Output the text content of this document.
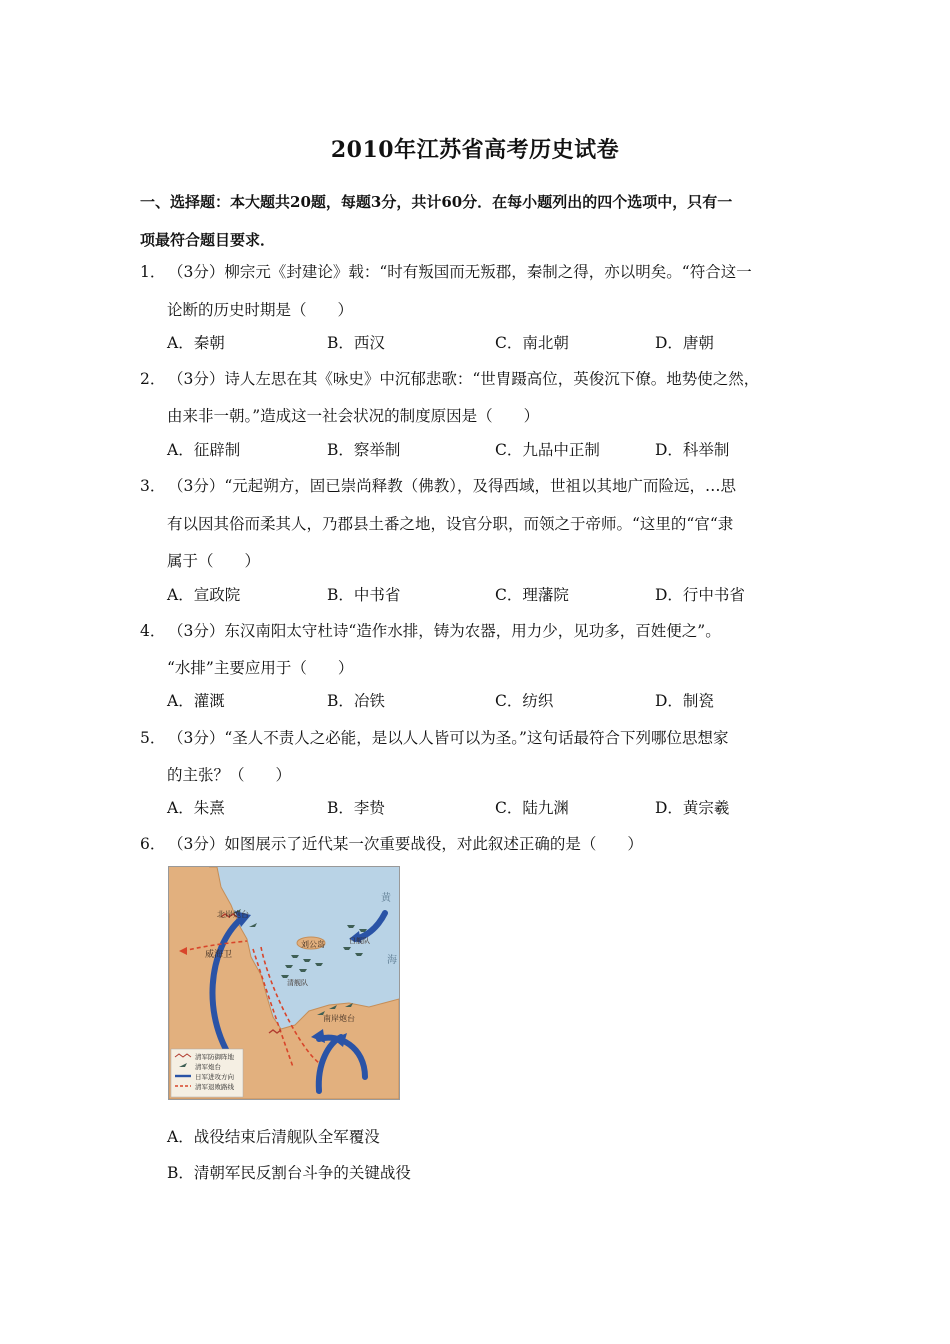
2010年江苏省高考历史试卷
一、选择题：本大题共20题，每题3分，共计60分．在每小题列出的四个选项中，只有一
项最符合题目要求．
1． （3分）柳宗元《封建论》载：“时有叛国而无叛郡，秦制之得，亦以明矣。“符合这一
论断的历史时期是（　　）
A．秦朝	B．西汉	C．南北朝	D．唐朝
2． （3分）诗人左思在其《咏史》中沉郁悲歌：“世胄蹑高位，英俊沉下僚。地势使之然，
由来非一朝。”造成这一社会状况的制度原因是（　　）
A．征辟制	B．察举制	C．九品中正制	D．科举制
3． （3分）“元起朔方，固已崇尚释教（佛教），及得西域，世祖以其地广而险远，…思
有以因其俗而柔其人，乃郡县土番之地，设官分职，而领之于帝师。“这里的“官“隶
属于（　　）
A．宣政院	B．中书省	C．理藩院	D．行中书省
4． （3分）东汉南阳太守杜诗“造作水排，铸为农器，用力少，见功多，百姓便之”。
“水排”主要应用于（　　）
A．灌溉	B．冶铁	C．纺织	D．制瓷
5． （3分）“圣人不责人之必能，是以人人皆可以为圣。”这句话最符合下列哪位思想家
的主张？（　　）
A．朱熹	B．李贽	C．陆九渊	D．黄宗羲
6． （3分）如图展示了近代某一次重要战役，对此叙述正确的是（　　）
北岸炮台
威海卫
刘公岛	日舰队
清舰队
南岸炮台
黄
海
清军防御阵地
清军炮台
日军进攻方向
清军退败路线
A．战役结束后清舰队全军覆没
B．清朝军民反割台斗争的关键战役
